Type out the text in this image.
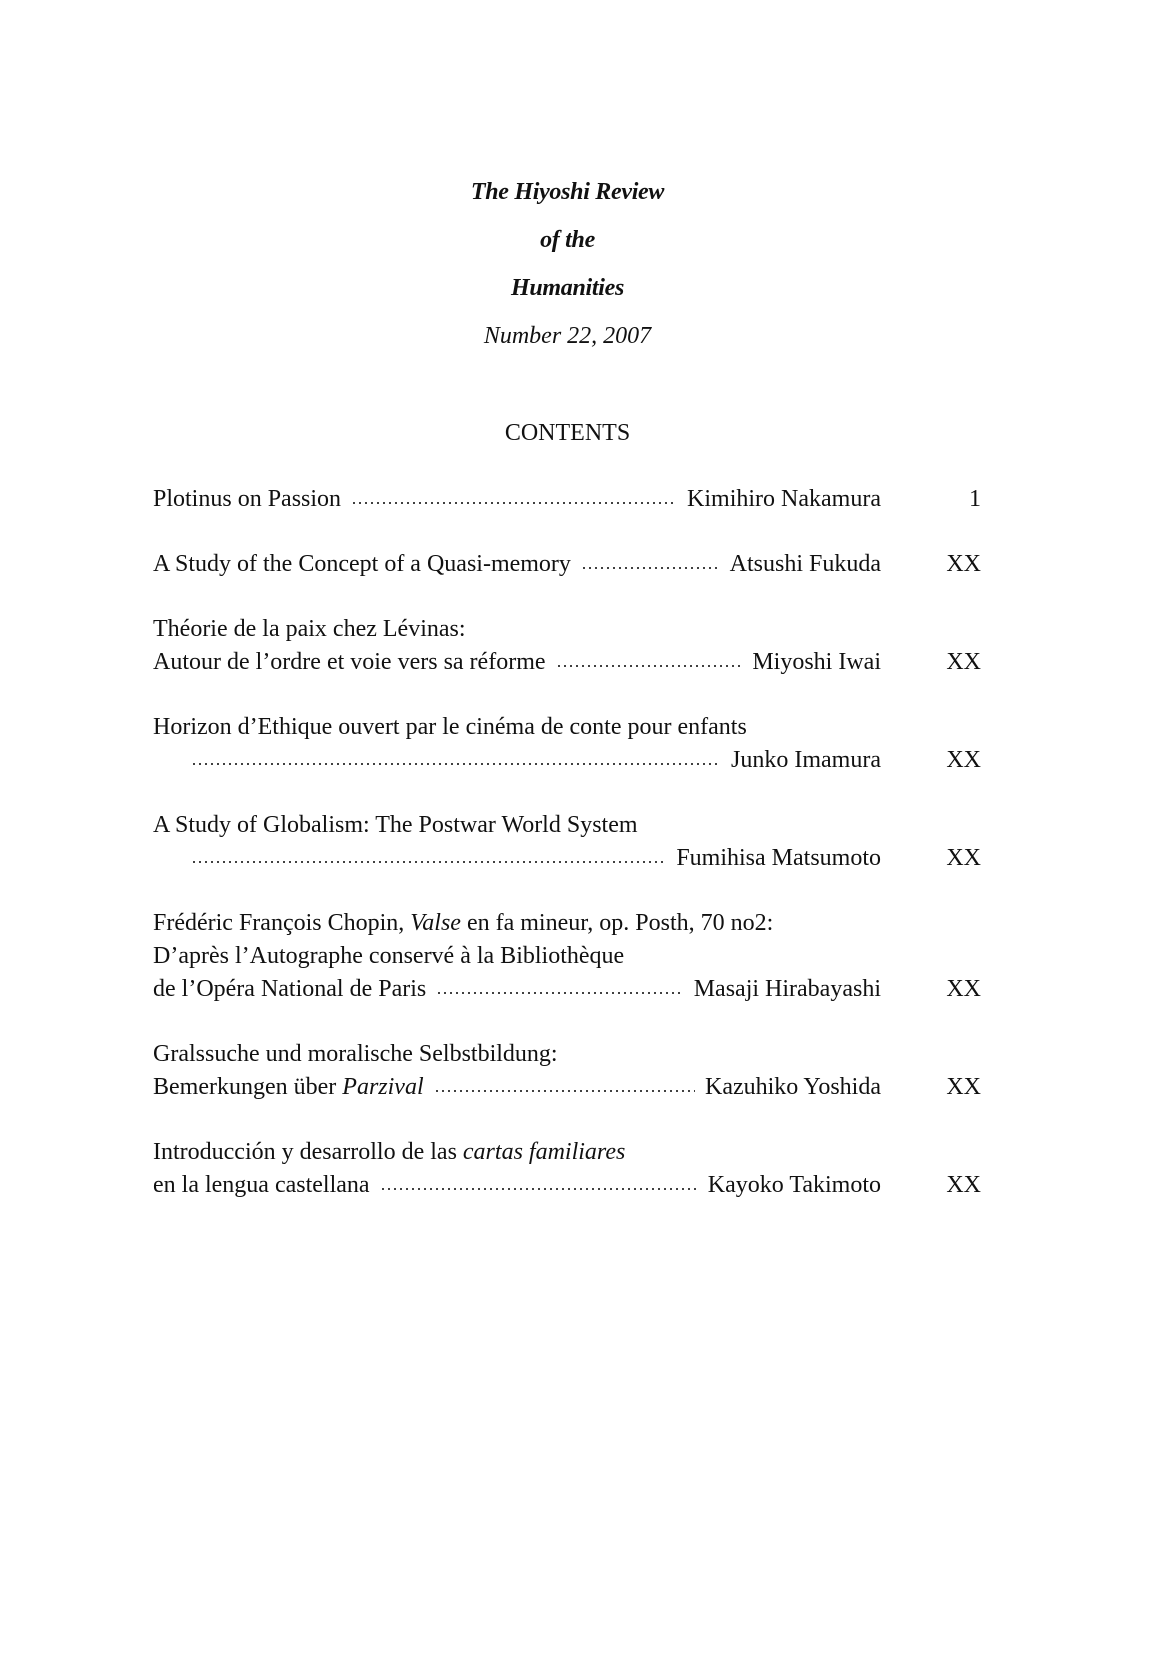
The Hiyoshi Review
of the
Humanities
Number 22, 2007
CONTENTS
Plotinus on Passion	Kimihiro Nakamura	1
A Study of the Concept of a Quasi-memory	Atsushi Fukuda	XX
Théorie de la paix chez Lévinas:
Autour de l’ordre et voie vers sa réforme	Miyoshi Iwai	XX
Horizon d’Ethique ouvert par le cinéma de conte pour enfants
Junko Imamura	XX
A Study of Globalism: The Postwar World System
Fumihisa Matsumoto	XX
Frédéric François Chopin, Valse en fa mineur, op. Posth, 70 no2:
D’après l’Autographe conservé à la Bibliothèque
de l’Opéra National de Paris	Masaji Hirabayashi	XX
Gralssuche und moralische Selbstbildung:
Bemerkungen über Parzival	Kazuhiko Yoshida	XX
Introducción y desarrollo de las cartas familiares
en la lengua castellana	Kayoko Takimoto	XX
